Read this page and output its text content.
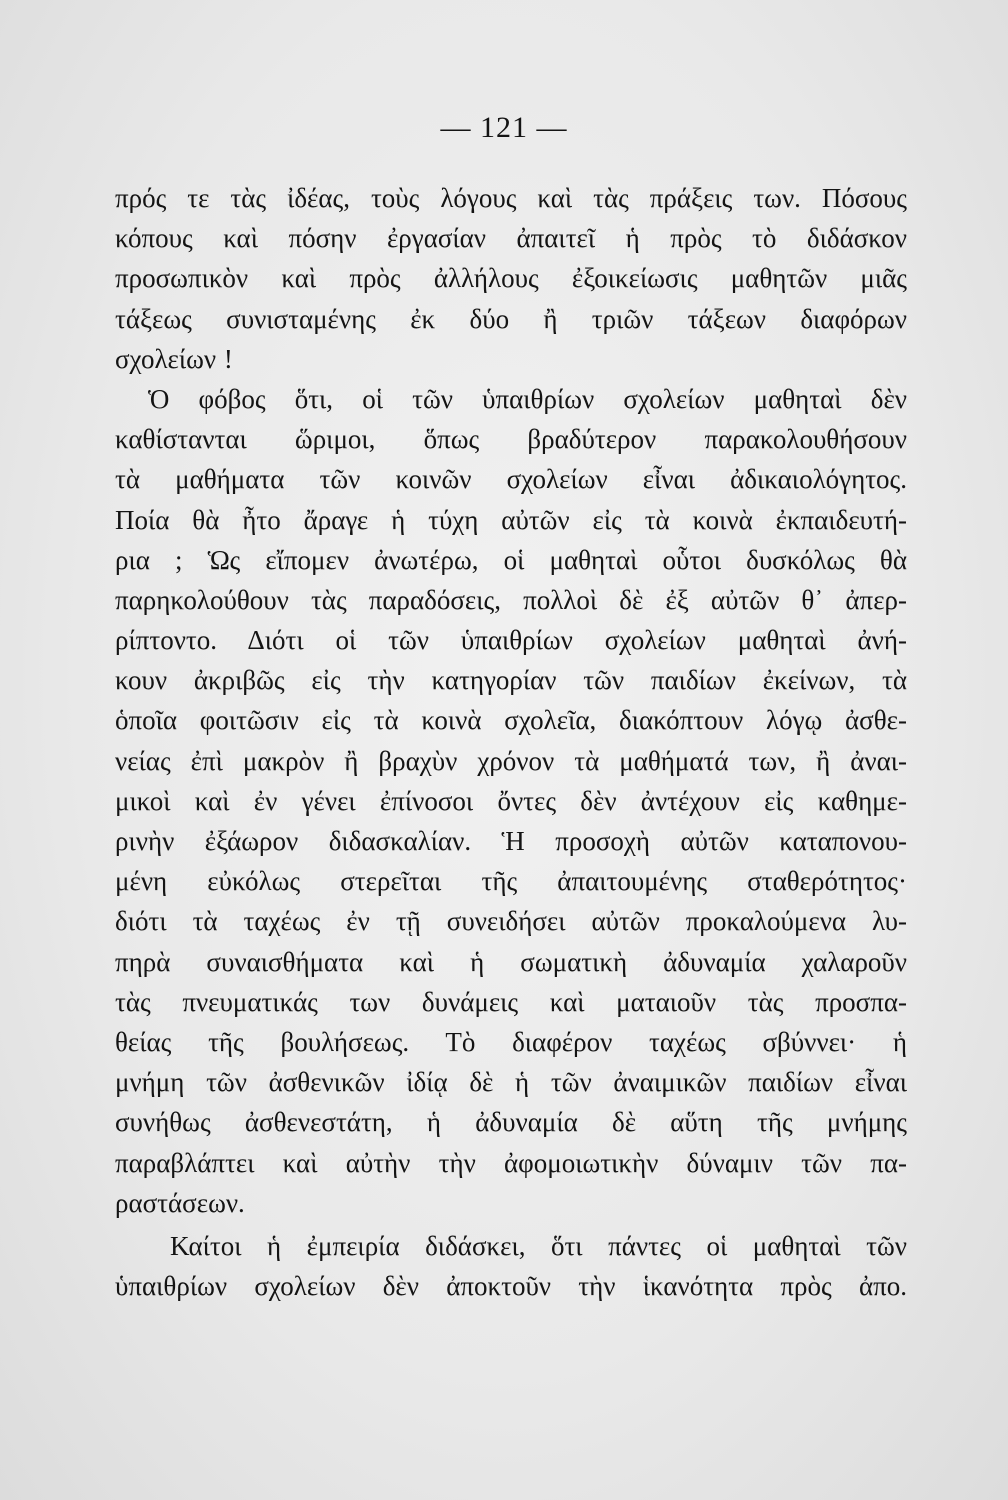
— 121 —
πρός τε τὰς ἰδέας, τοὺς λόγους καὶ τὰς πράξεις των. Πόσους
κόπους καὶ πόσην ἐργασίαν ἀπαιτεῖ ἡ πρὸς τὸ διδάσκον
προσωπικὸν καὶ πρὸς ἀλλήλους ἐξοικείωσις μαθητῶν μιᾶς
τάξεως συνισταμένης ἐκ δύο ἢ τριῶν τάξεων διαφόρων
σχολείων !
Ὁ φόβος ὅτι, οἱ τῶν ὑπαιθρίων σχολείων μαθηταὶ δὲν
καθίστανται ὥριμοι, ὅπως βραδύτερον παρακολουθήσουν
τὰ μαθήματα τῶν κοινῶν σχολείων εἶναι ἀδικαιολόγητος.
Ποία θὰ ἦτο ἄραγε ἡ τύχη αὐτῶν εἰς τὰ κοινὰ ἐκπαιδευτή-
ρια ; Ὡς εἴπομεν ἀνωτέρω, οἱ μαθηταὶ οὗτοι δυσκόλως θὰ
παρηκολούθουν τὰς παραδόσεις, πολλοὶ δὲ ἐξ αὐτῶν θ᾽ ἀπερ-
ρίπτοντο. Διότι οἱ τῶν ὑπαιθρίων σχολείων μαθηταὶ ἀνή-
κουν ἀκριβῶς εἰς τὴν κατηγορίαν τῶν παιδίων ἐκείνων, τὰ
ὁποῖα φοιτῶσιν εἰς τὰ κοινὰ σχολεῖα, διακόπτουν λόγῳ ἀσθε-
νείας ἐπὶ μακρὸν ἢ βραχὺν χρόνον τὰ μαθήματά των, ἢ ἀναι-
μικοὶ καὶ ἐν γένει ἐπίνοσοι ὄντες δὲν ἀντέχουν εἰς καθημε-
ρινὴν ἐξάωρον διδασκαλίαν. Ἡ προσοχὴ αὐτῶν καταπονου-
μένη εὐκόλως στερεῖται τῆς ἀπαιτουμένης σταθερότητος·
διότι τὰ ταχέως ἐν τῇ συνειδήσει αὐτῶν προκαλούμενα λυ-
πηρὰ συναισθήματα καὶ ἡ σωματικὴ ἀδυναμία χαλαροῦν
τὰς πνευματικάς των δυνάμεις καὶ ματαιοῦν τὰς προσπα-
θείας τῆς βουλήσεως. Τὸ διαφέρον ταχέως σβύννει· ἡ
μνήμη τῶν ἀσθενικῶν ἰδίᾳ δὲ ἡ τῶν ἀναιμικῶν παιδίων εἶναι
συνήθως ἀσθενεστάτη, ἡ ἀδυναμία δὲ αὕτη τῆς μνήμης
παραβλάπτει καὶ αὐτὴν τὴν ἀφομοιωτικὴν δύναμιν τῶν πα-
ραστάσεων.
Καίτοι ἡ ἐμπειρία διδάσκει, ὅτι πάντες οἱ μαθηταὶ τῶν
ὑπαιθρίων σχολείων δὲν ἀποκτοῦν τὴν ἱκανότητα πρὸς ἀπο.
